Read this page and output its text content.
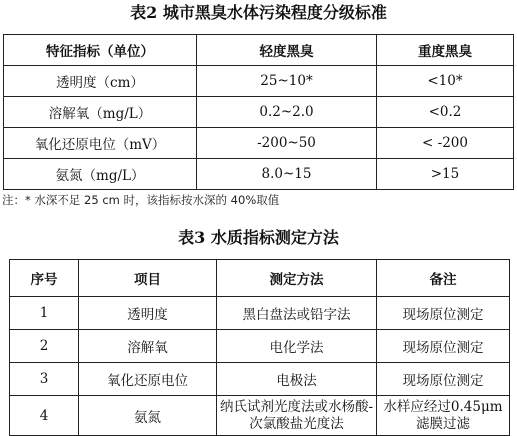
表2 城市黑臭水体污染程度分级标准
特征指标（单位）	轻度黑臭	重度黑臭
透明度（cm）	25~10*	<10*
溶解氧（mg/L）	0.2~2.0	<0.2
氧化还原电位（mV）	-200~50	< -200
氨氮（mg/L）	8.0~15	>15
注：* 水深不足 25 cm 时，该指标按水深的 40%取值
表3 水质指标测定方法
序号	项目	测定方法	备注
1	透明度	黑白盘法或铅字法	现场原位测定
2	溶解氧	电化学法	现场原位测定
3	氧化还原电位	电极法	现场原位测定
4	氨氮	纳氏试剂光度法或水杨酸-次氯酸盐光度法	水样应经过0.45μm 滤膜过滤
